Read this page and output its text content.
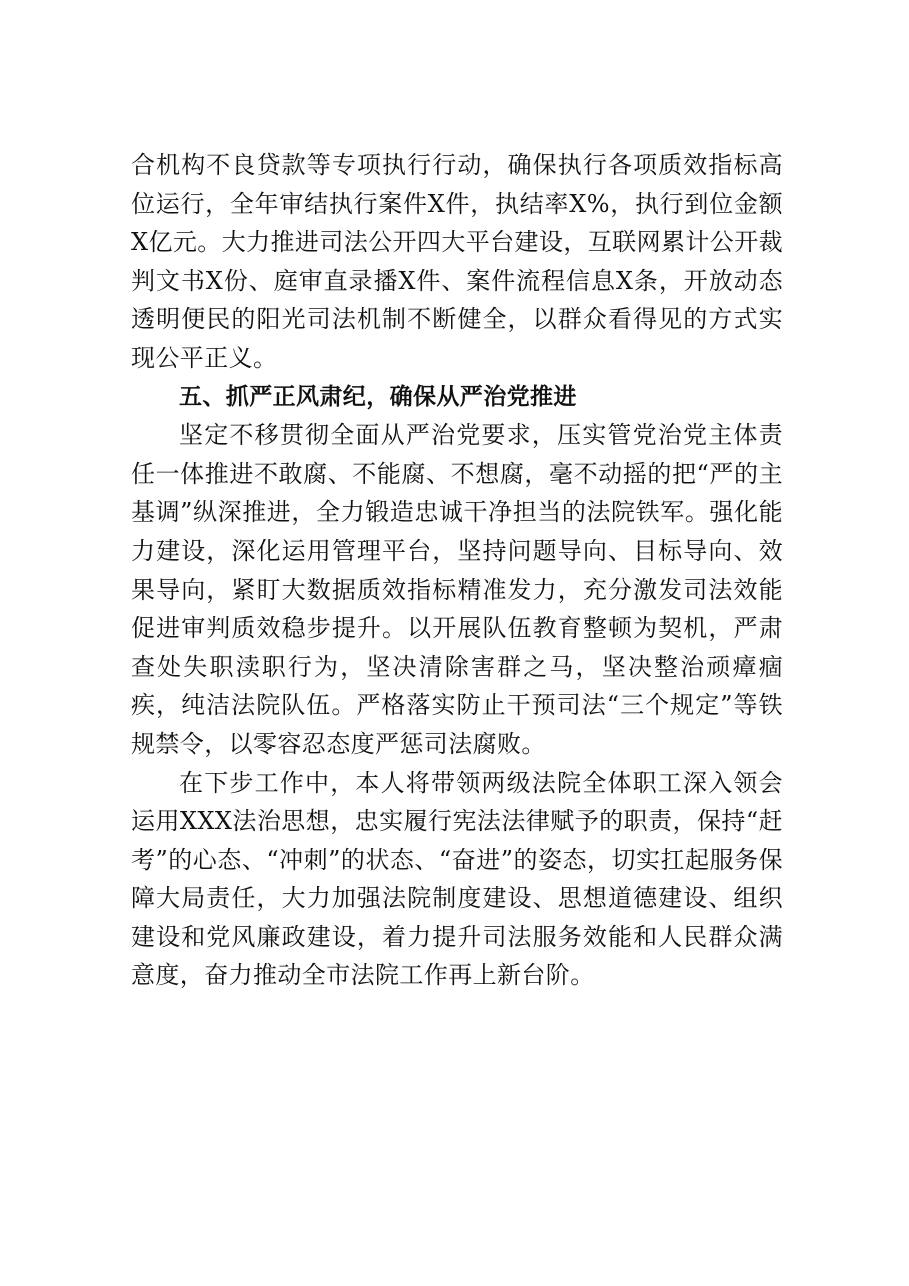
合机构不良贷款等专项执行行动，确保执行各项质效指标高位运行，全年审结执行案件X件，执结率X%，执行到位金额X亿元。大力推进司法公开四大平台建设，互联网累计公开裁判文书X份、庭审直录播X件、案件流程信息X条，开放动态透明便民的阳光司法机制不断健全，以群众看得见的方式实现公平正义。

五、抓严正风肃纪，确保从严治党推进

坚定不移贯彻全面从严治党要求，压实管党治党主体责任一体推进不敢腐、不能腐、不想腐，毫不动摇的把“严的主基调”纵深推进，全力锻造忠诚干净担当的法院铁军。强化能力建设，深化运用管理平台，坚持问题导向、目标导向、效果导向，紧盯大数据质效指标精准发力，充分激发司法效能促进审判质效稳步提升。以开展队伍教育整顿为契机，严肃查处失职渎职行为，坚决清除害群之马，坚决整治顽瘴痼疾，纯洁法院队伍。严格落实防止干预司法“三个规定”等铁规禁令，以零容忍态度严惩司法腐败。

在下步工作中，本人将带领两级法院全体职工深入领会运用XXX法治思想，忠实履行宪法法律赋予的职责，保持“赶考”的心态、“冲刺”的状态、“奋进”的姿态，切实扛起服务保障大局责任，大力加强法院制度建设、思想道德建设、组织建设和党风廉政建设，着力提升司法服务效能和人民群众满意度，奋力推动全市法院工作再上新台阶。
